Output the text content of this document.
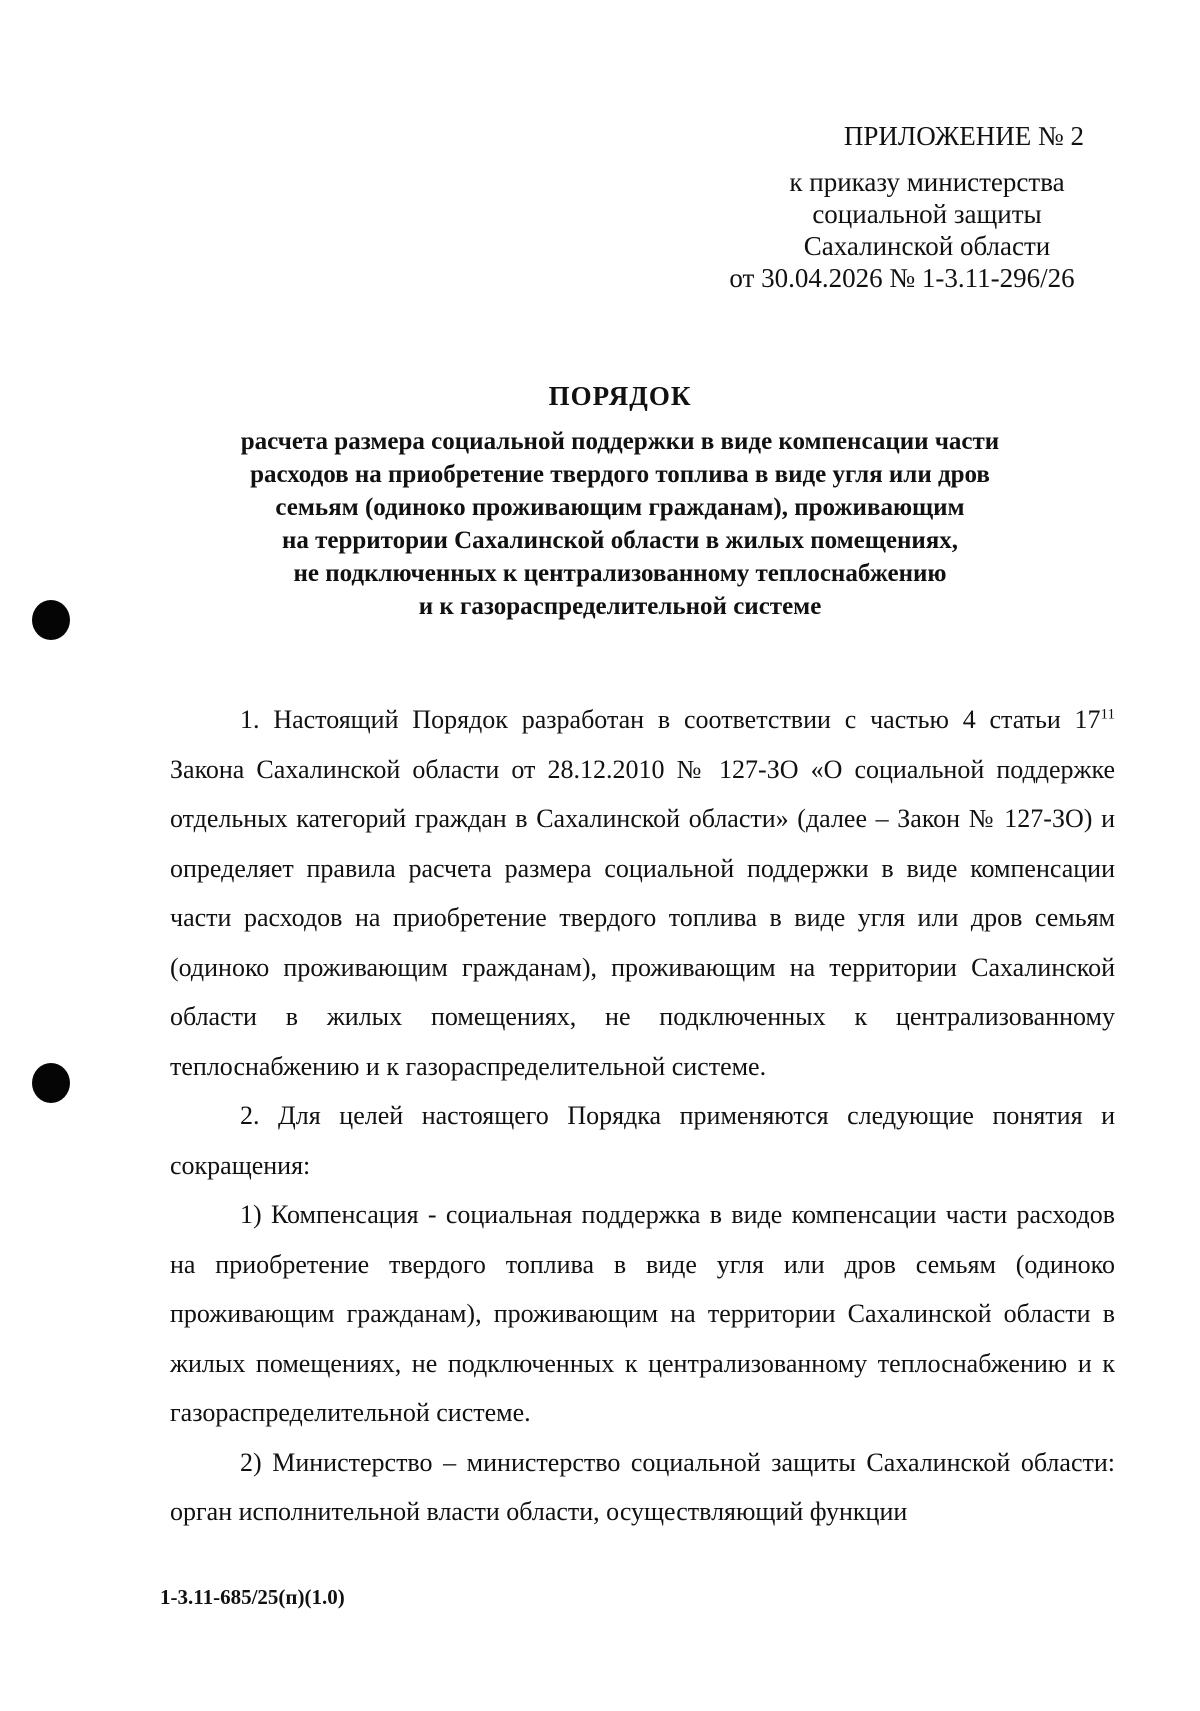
ПРИЛОЖЕНИЕ № 2
к приказу министерства
социальной защиты
Сахалинской области
от 30.04.2026 № 1-3.11-296/26
ПОРЯДОК
расчета размера социальной поддержки в виде компенсации части
расходов на приобретение твердого топлива в виде угля или дров
семьям (одиноко проживающим гражданам), проживающим
на территории Сахалинской области в жилых помещениях,
не подключенных к централизованному теплоснабжению
и к газораспределительной системе

1. Настоящий Порядок разработан в соответствии с частью 4 статьи $17^{11}$ Закона Сахалинской области от 28.12.2010 № 127-ЗО «О социальной поддержке отдельных категорий граждан в Сахалинской области» (далее – Закон № 127-ЗО) и определяет правила расчета размера социальной поддержки в виде компенсации части расходов на приобретение твердого топлива в виде угля или дров семьям (одиноко проживающим гражданам), проживающим на территории Сахалинской области в жилых помещениях, не подключенных к централизованному теплоснабжению и к газораспределительной системе.

2. Для целей настоящего Порядка применяются следующие понятия и сокращения:

1) Компенсация - социальная поддержка в виде компенсации части расходов на приобретение твердого топлива в виде угля или дров семьям (одиноко проживающим гражданам), проживающим на территории Сахалинской области в жилых помещениях, не подключенных к централизованному теплоснабжению и к газораспределительной системе.

2) Министерство – министерство социальной защиты Сахалинской области: орган исполнительной власти области, осуществляющий функции

1-3.11-685/25(п)(1.0)
